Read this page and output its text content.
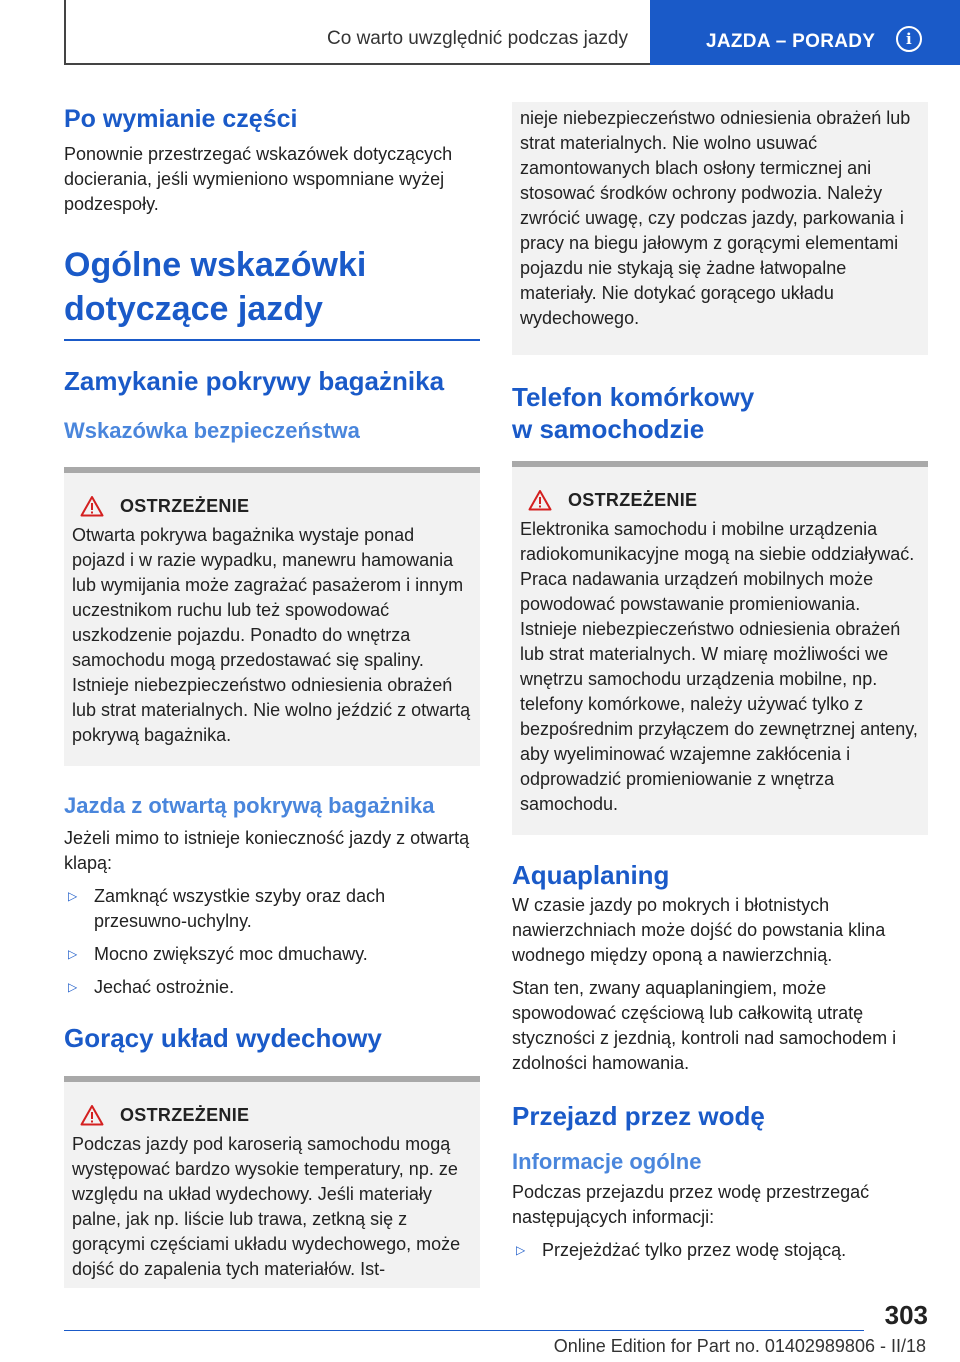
Co warto uwzględnić podczas jazdy	JAZDA – PORADY	i
Po wymianie części
Ponownie przestrzegać wskazówek dotyczących docierania, jeśli wymieniono wspomniane wyżej podzespoły.
Ogólne wskazówki
dotyczące jazdy
Zamykanie pokrywy bagażnika
Wskazówka bezpieczeństwa
OSTRZEŻENIE
Otwarta pokrywa bagażnika wystaje ponad pojazd i w razie wypadku, manewru hamowania lub wymijania może zagrażać pasażerom i innym uczestnikom ruchu lub też spowodować uszkodzenie pojazdu. Ponadto do wnętrza samochodu mogą przedostawać się spaliny. Istnieje niebezpieczeństwo odniesienia obrażeń lub strat materialnych. Nie wolno jeździć z otwartą pokrywą bagażnika.
Jazda z otwartą pokrywą bagażnika
Jeżeli mimo to istnieje konieczność jazdy z otwartą klapą:
▷ Zamknąć wszystkie szyby oraz dach przesuwno-uchylny.
▷ Mocno zwiększyć moc dmuchawy.
▷ Jechać ostrożnie.
Gorący układ wydechowy
OSTRZEŻENIE
Podczas jazdy pod karoserią samochodu mogą występować bardzo wysokie temperatury, np. ze względu na układ wydechowy. Jeśli materiały palne, jak np. liście lub trawa, zetkną się z gorącymi częściami układu wydechowego, może dojść do zapalenia tych materiałów. Ist-
nieje niebezpieczeństwo odniesienia obrażeń lub strat materialnych. Nie wolno usuwać zamontowanych blach osłony termicznej ani stosować środków ochrony podwozia. Należy zwrócić uwagę, czy podczas jazdy, parkowania i pracy na biegu jałowym z gorącymi elementami pojazdu nie stykają się żadne łatwopalne materiały. Nie dotykać gorącego układu wydechowego.
Telefon komórkowy
w samochodzie
OSTRZEŻENIE
Elektronika samochodu i mobilne urządzenia radiokomunikacyjne mogą na siebie oddziaływać. Praca nadawania urządzeń mobilnych może powodować powstawanie promieniowania. Istnieje niebezpieczeństwo odniesienia obrażeń lub strat materialnych. W miarę możliwości we wnętrzu samochodu urządzenia mobilne, np. telefony komórkowe, należy używać tylko z bezpośrednim przyłączem do zewnętrznej anteny, aby wyeliminować wzajemne zakłócenia i odprowadzić promieniowanie z wnętrza samochodu.
Aquaplaning
W czasie jazdy po mokrych i błotnistych nawierzchniach może dojść do powstania klina wodnego między oponą a nawierzchnią.
Stan ten, zwany aquaplaningiem, może spowodować częściową lub całkowitą utratę styczności z jezdnią, kontroli nad samochodem i zdolności hamowania.
Przejazd przez wodę
Informacje ogólne
Podczas przejazdu przez wodę przestrzegać następujących informacji:
▷ Przejeżdżać tylko przez wodę stojącą.
303
Online Edition for Part no. 01402989806 - II/18
